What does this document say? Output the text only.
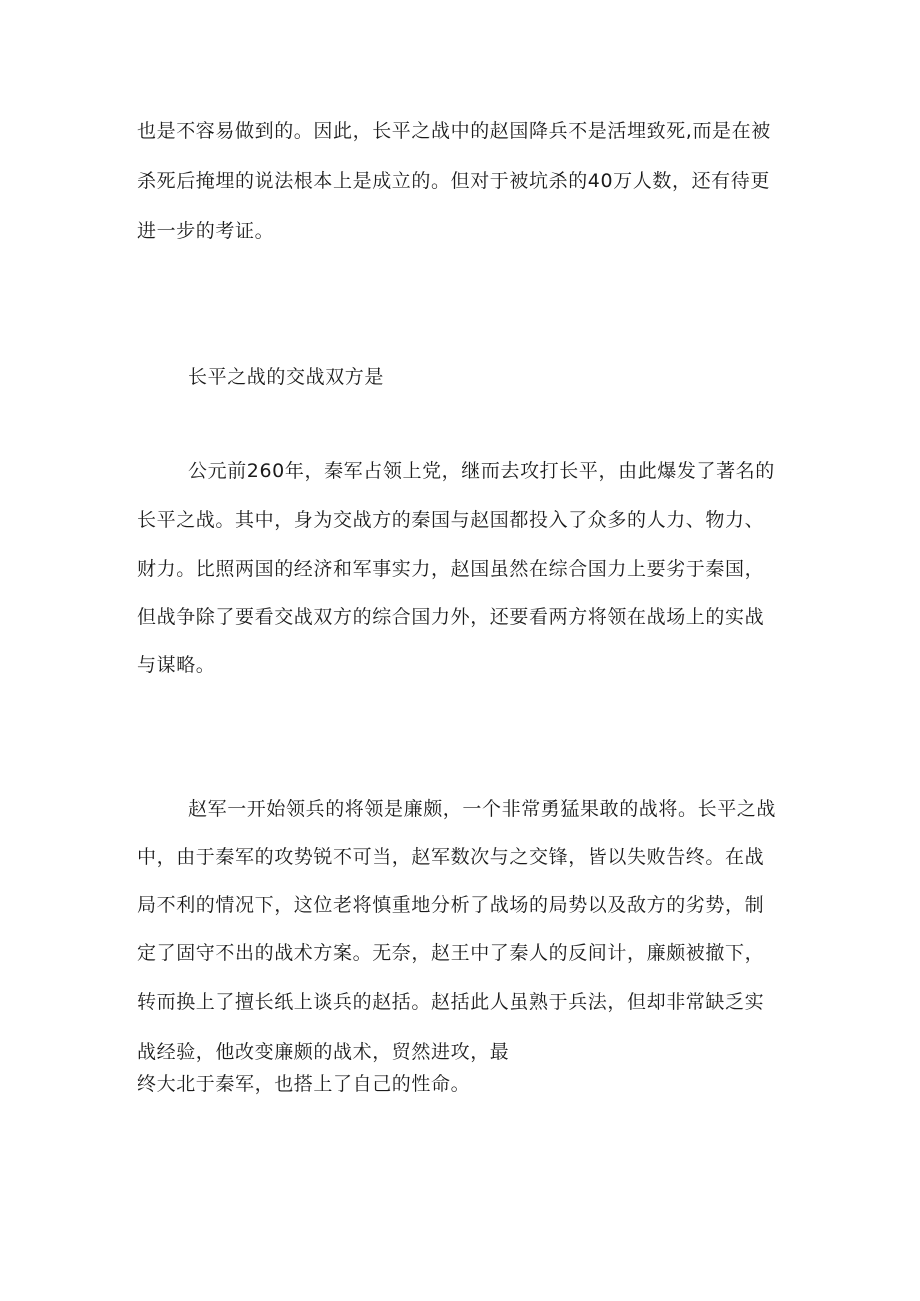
也是不容易做到的。因此，长平之战中的赵国降兵不是活埋致死,而是在被
杀死后掩埋的说法根本上是成立的。但对于被坑杀的40万人数，还有待更
进一步的考证。
长平之战的交战双方是
公元前260年，秦军占领上党，继而去攻打长平，由此爆发了著名的
长平之战。其中，身为交战方的秦国与赵国都投入了众多的人力、物力、
财力。比照两国的经济和军事实力，赵国虽然在综合国力上要劣于秦国，
但战争除了要看交战双方的综合国力外，还要看两方将领在战场上的实战
与谋略。
赵军一开始领兵的将领是廉颇，一个非常勇猛果敢的战将。长平之战
中，由于秦军的攻势锐不可当，赵军数次与之交锋，皆以失败告终。在战
局不利的情况下，这位老将慎重地分析了战场的局势以及敌方的劣势，制
定了固守不出的战术方案。无奈，赵王中了秦人的反间计，廉颇被撤下，
转而换上了擅长纸上谈兵的赵括。赵括此人虽熟于兵法，但却非常缺乏实
战经验，他改变廉颇的战术，贸然进攻，最
终大北于秦军，也搭上了自己的性命。
